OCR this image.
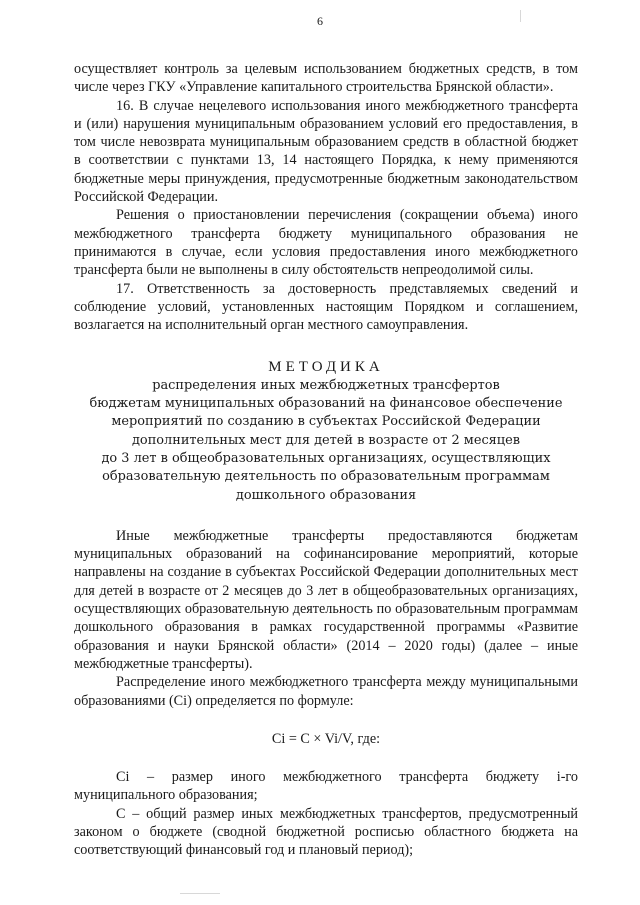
6

осуществляет контроль за целевым использованием бюджетных средств, в том числе через ГКУ «Управление капитального строительства Брянской области».

16. В случае нецелевого использования иного межбюджетного трансферта и (или) нарушения муниципальным образованием условий его предоставления, в том числе невозврата муниципальным образованием средств в областной бюджет в соответствии с пунктами 13, 14 настоящего Порядка, к нему применяются бюджетные меры принуждения, предусмотренные бюджетным законодательством Российской Федерации.

Решения о приостановлении перечисления (сокращении объема) иного межбюджетного трансферта бюджету муниципального образования не принимаются в случае, если условия предоставления иного межбюджетного трансферта были не выполнены в силу обстоятельств непреодолимой силы.

17. Ответственность за достоверность представляемых сведений и соблюдение условий, установленных настоящим Порядком и соглашением, возлагается на исполнительный орган местного самоуправления.

МЕТОДИКА
распределения иных межбюджетных трансфертов
бюджетам муниципальных образований на финансовое обеспечение
мероприятий по созданию в субъектах Российской Федерации
дополнительных мест для детей в возрасте от 2 месяцев
до 3 лет в общеобразовательных организациях, осуществляющих
образовательную деятельность по образовательным программам
дошкольного образования

Иные межбюджетные трансферты предоставляются бюджетам муниципальных образований на софинансирование мероприятий, которые направлены на создание в субъектах Российской Федерации дополнительных мест для детей в возрасте от 2 месяцев до 3 лет в общеобразовательных организациях, осуществляющих образовательную деятельность по образовательным программам дошкольного образования в рамках государственной программы «Развитие образования и науки Брянской области» (2014 – 2020 годы) (далее – иные межбюджетные трансферты).

Распределение иного межбюджетного трансферта между муниципальными образованиями (Ci) определяется по формуле:

Ci = C × Vi/V, где:

Ci – размер иного межбюджетного трансферта бюджету i-го муниципального образования;

С – общий размер иных межбюджетных трансфертов, предусмотренный законом о бюджете (сводной бюджетной росписью областного бюджета на соответствующий финансовый год и плановый период);
